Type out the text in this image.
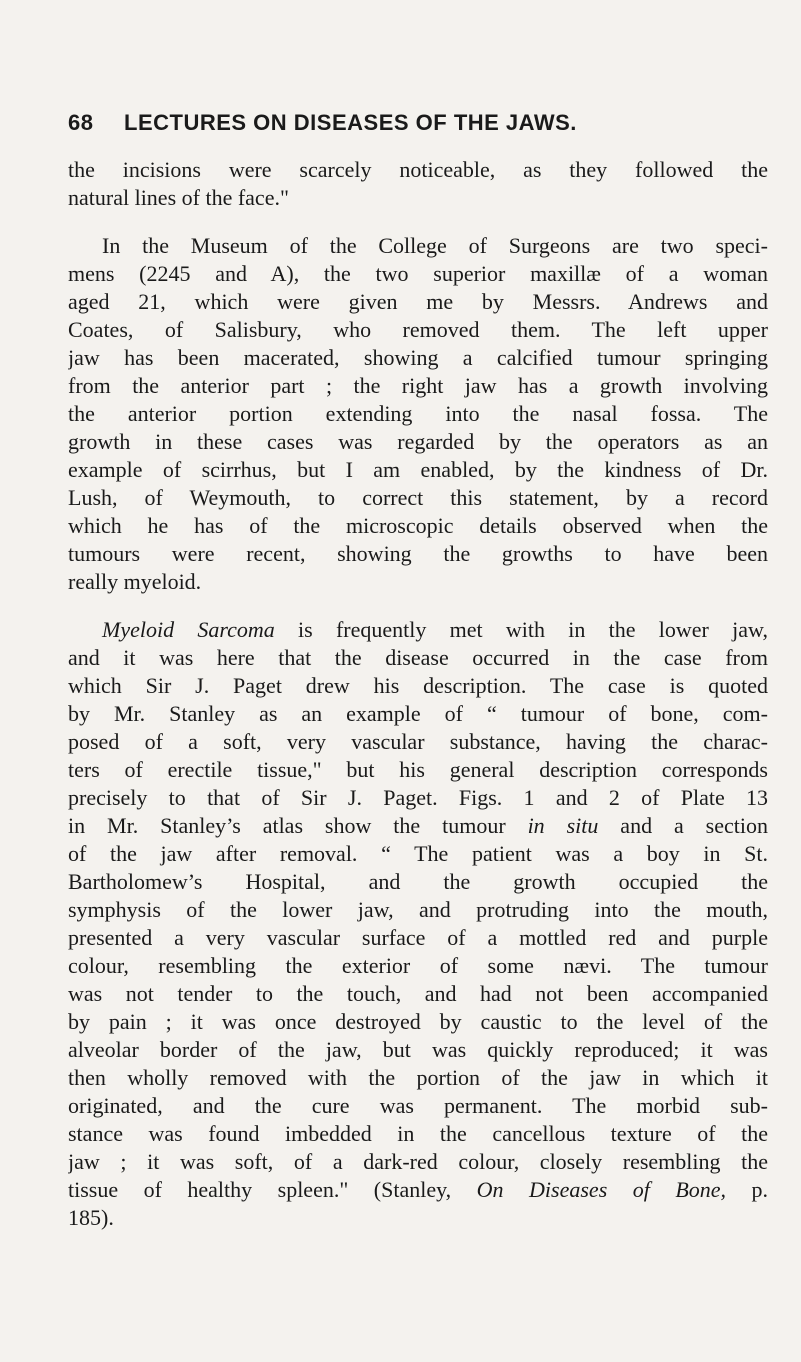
68 LECTURES ON DISEASES OF THE JAWS.
the incisions were scarcely noticeable, as they followed the
natural lines of the face."
In the Museum of the College of Surgeons are two speci-
mens (2245 and A), the two superior maxillæ of a woman
aged 21, which were given me by Messrs. Andrews and
Coates, of Salisbury, who removed them. The left upper
jaw has been macerated, showing a calcified tumour springing
from the anterior part ; the right jaw has a growth involving
the anterior portion extending into the nasal fossa. The
growth in these cases was regarded by the operators as an
example of scirrhus, but I am enabled, by the kindness of Dr.
Lush, of Weymouth, to correct this statement, by a record
which he has of the microscopic details observed when the
tumours were recent, showing the growths to have been
really myeloid.
Myeloid Sarcoma is frequently met with in the lower jaw,
and it was here that the disease occurred in the case from
which Sir J. Paget drew his description. The case is quoted
by Mr. Stanley as an example of “ tumour of bone, com-
posed of a soft, very vascular substance, having the charac-
ters of erectile tissue," but his general description corresponds
precisely to that of Sir J. Paget. Figs. 1 and 2 of Plate 13
in Mr. Stanley’s atlas show the tumour in situ and a section
of the jaw after removal. “ The patient was a boy in St.
Bartholomew’s Hospital, and the growth occupied the
symphysis of the lower jaw, and protruding into the mouth,
presented a very vascular surface of a mottled red and purple
colour, resembling the exterior of some nævi. The tumour
was not tender to the touch, and had not been accompanied
by pain ; it was once destroyed by caustic to the level of the
alveolar border of the jaw, but was quickly reproduced; it was
then wholly removed with the portion of the jaw in which it
originated, and the cure was permanent. The morbid sub-
stance was found imbedded in the cancellous texture of the
jaw ; it was soft, of a dark-red colour, closely resembling the
tissue of healthy spleen." (Stanley, On Diseases of Bone, p.
185).
